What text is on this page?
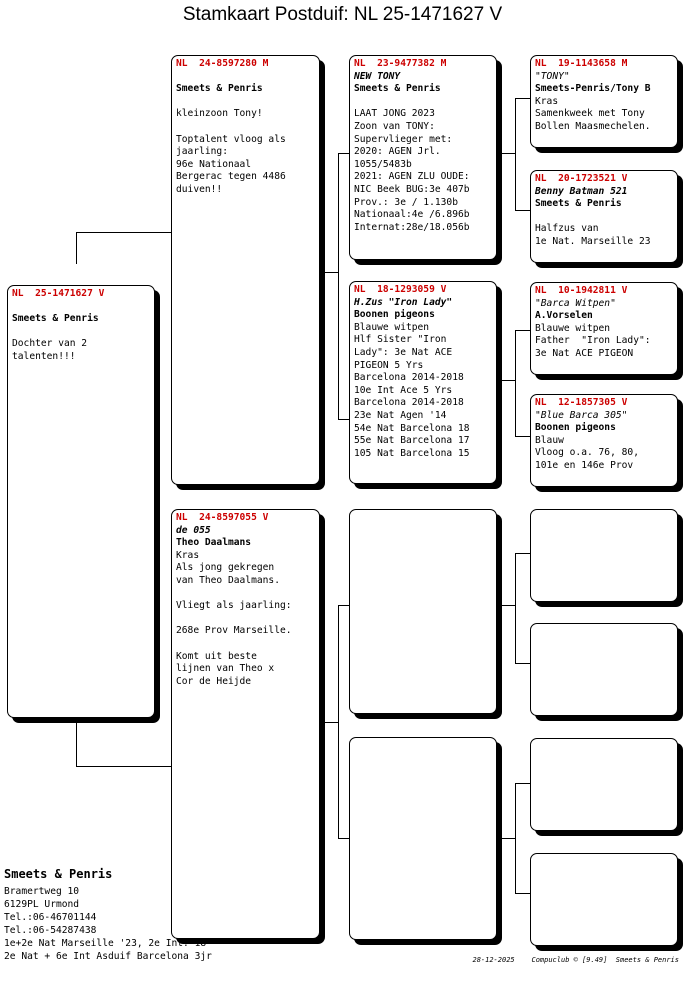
Stamkaart Postduif: NL 25-1471627 V
NL  25-1471627 V
Smeets & Penris
Dochter van 2
talenten!!!
NL  24-8597280 M
Smeets & Penris
kleinzoon Tony!
Toptalent vloog als
jaarling:
96e Nationaal
Bergerac tegen 4486
duiven!!
NL  24-8597055 V
de 055
Theo Daalmans
Kras
Als jong gekregen
van Theo Daalmans.
Vliegt als jaarling:
268e Prov Marseille.
Komt uit beste
lijnen van Theo x
Cor de Heijde
NL  23-9477382 M
NEW TONY
Smeets & Penris
LAAT JONG 2023
Zoon van TONY:
Supervlieger met:
2020: AGEN Jrl.
1055/5483b
2021: AGEN ZLU OUDE:
NIC Beek BUG:3e 407b
Prov.: 3e / 1.130b
Nationaal:4e /6.896b
Internat:28e/18.056b
NL  18-1293059 V
H.Zus "Iron Lady"
Boonen pigeons
Blauwe witpen
Hlf Sister "Iron
Lady": 3e Nat ACE
PIGEON 5 Yrs
Barcelona 2014-2018
10e Int Ace 5 Yrs
Barcelona 2014-2018
23e Nat Agen '14
54e Nat Barcelona 18
55e Nat Barcelona 17
105 Nat Barcelona 15
NL  19-1143658 M
"TONY"
Smeets-Penris/Tony B
Kras
Samenkweek met Tony
Bollen Maasmechelen.
NL  20-1723521 V
Benny Batman 521
Smeets & Penris
Halfzus van
1e Nat. Marseille 23
NL  10-1942811 V
"Barca Witpen"
A.Vorselen
Blauwe witpen
Father  "Iron Lady":
3e Nat ACE PIGEON
NL  12-1857305 V
"Blue Barca 305"
Boonen pigeons
Blauw
Vloog o.a. 76, 80,
101e en 146e Prov
Smeets & Penris
Bramertweg 10
6129PL Urmond
Tel.:06-46701144
Tel.:06-54287438
1e+2e Nat Marseille '23, 2e Int.'18
2e Nat + 6e Int Asduif Barcelona 3jr	28-12-2025    Compuclub © [9.49]  Smeets & Penris
